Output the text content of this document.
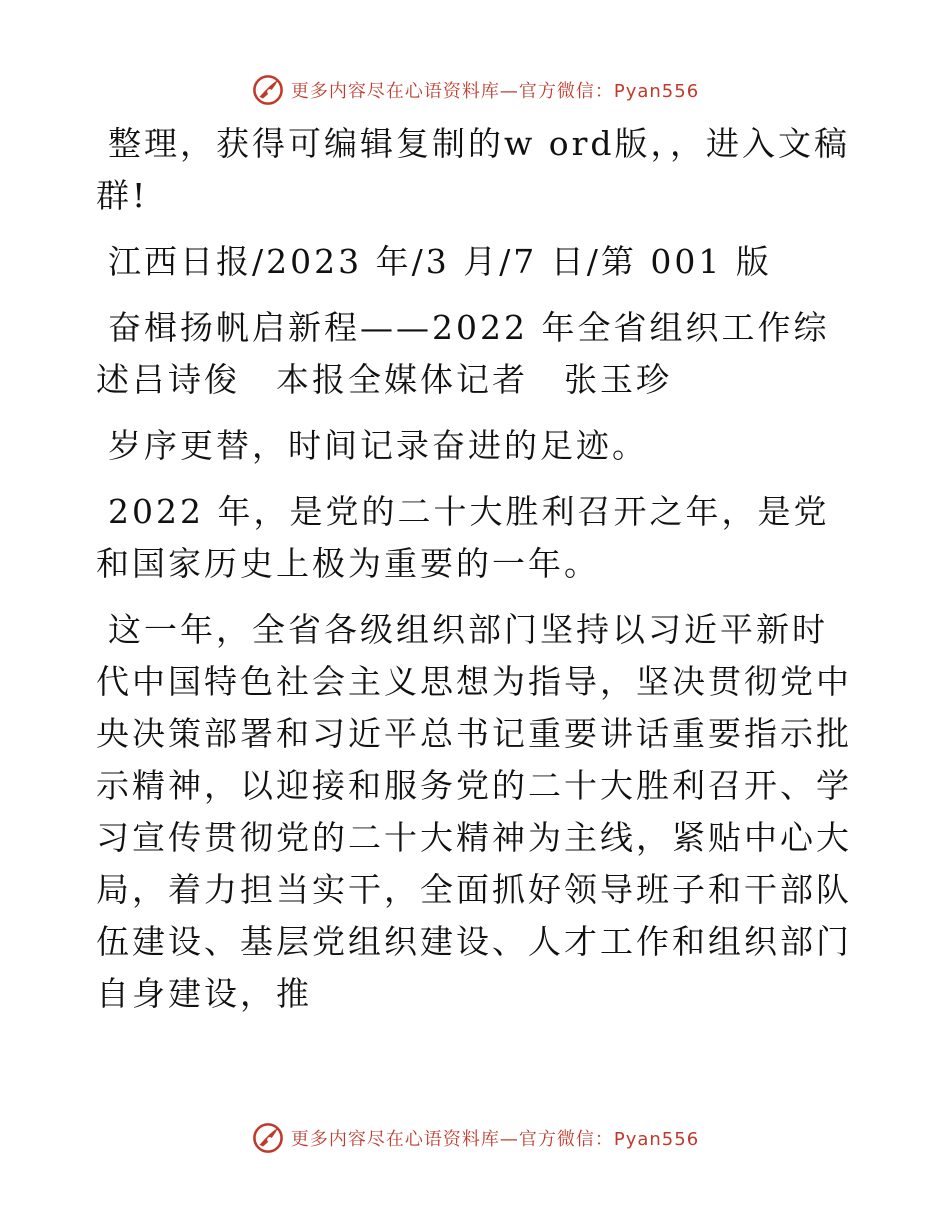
更多内容尽在心语资料库—官方微信：Pyan556

整理，获得可编辑复制的w ord版，，进入文稿群!

江西日报/2023 年/3 月/7 日/第 001 版

奋楫扬帆启新程——2022 年全省组织工作综述吕诗俊　本报全媒体记者　张玉珍

岁序更替，时间记录奋进的足迹。

2022 年，是党的二十大胜利召开之年，是党和国家历史上极为重要的一年。

这一年，全省各级组织部门坚持以习近平新时代中国特色社会主义思想为指导，坚决贯彻党中央决策部署和习近平总书记重要讲话重要指示批示精神，以迎接和服务党的二十大胜利召开、学习宣传贯彻党的二十大精神为主线，紧贴中心大局，着力担当实干，全面抓好领导班子和干部队伍建设、基层党组织建设、人才工作和组织部门自身建设，推

更多内容尽在心语资料库—官方微信：Pyan556
